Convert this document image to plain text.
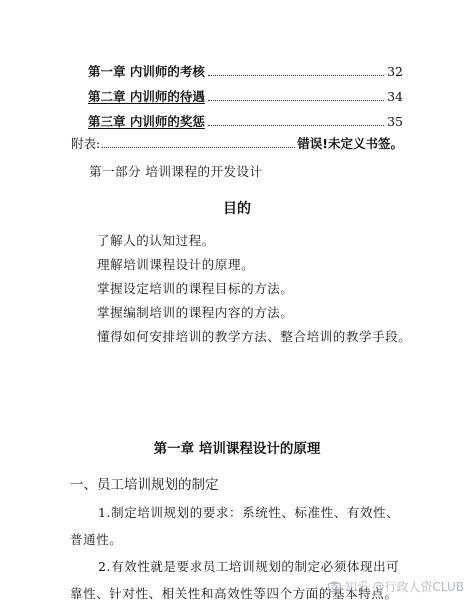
第一章 内训师的考核	32
第二章 内训师的待遇	34
第三章 内训师的奖惩	35
附表:	错误!未定义书签。
第一部分 培训课程的开发设计
目的
了解人的认知过程。
理解培训课程设计的原理。
掌握设定培训的课程目标的方法。
掌握编制培训的课程内容的方法。
懂得如何安排培训的教学方法、整合培训的教学手段。
第一章 培训课程设计的原理
一、员工培训规划的制定
1.制定培训规划的要求：系统性、标准性、有效性、普通性。
2.有效性就是要求员工培训规划的制定必须体现出可靠性、针对性、相关性和高效性等四个方面的基本特点。
知乎 @行政人资CLUB
